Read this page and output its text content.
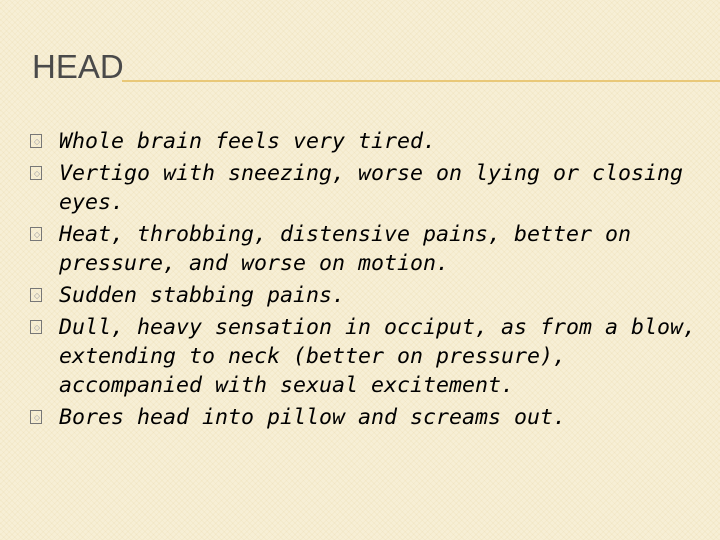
HEAD
Whole brain feels very tired.
Vertigo with sneezing, worse on lying or closing
eyes.
Heat, throbbing, distensive pains, better on
pressure, and worse on motion.
Sudden stabbing pains.
Dull, heavy sensation in occiput, as from a blow,
extending to neck (better on pressure),
accompanied with sexual excitement.
Bores head into pillow and screams out.
